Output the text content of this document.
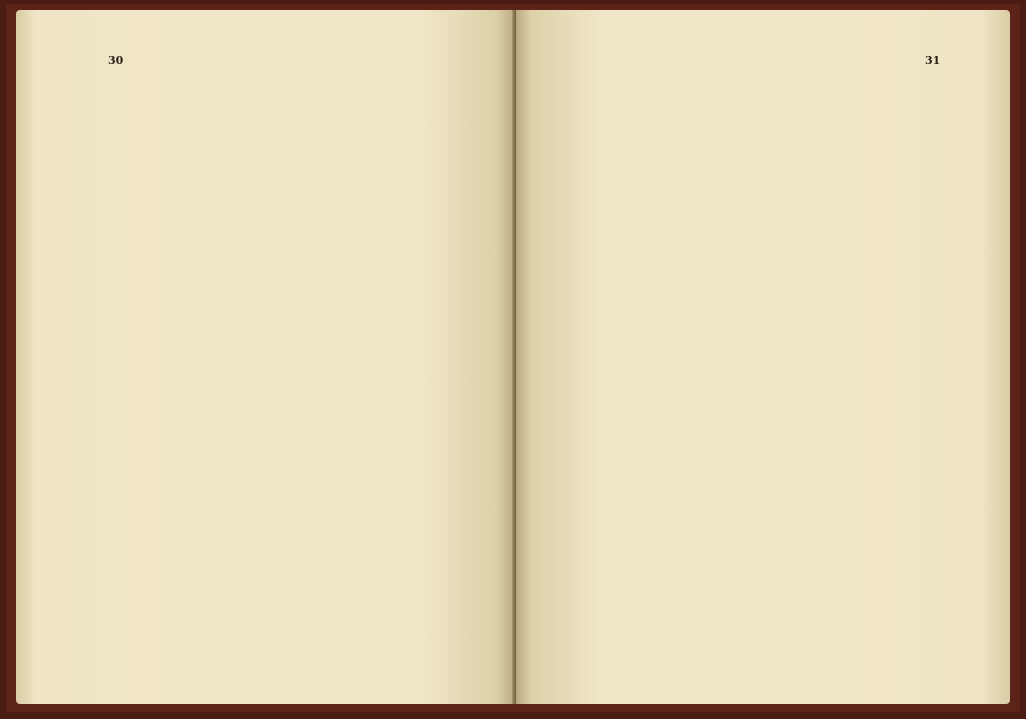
30	31
